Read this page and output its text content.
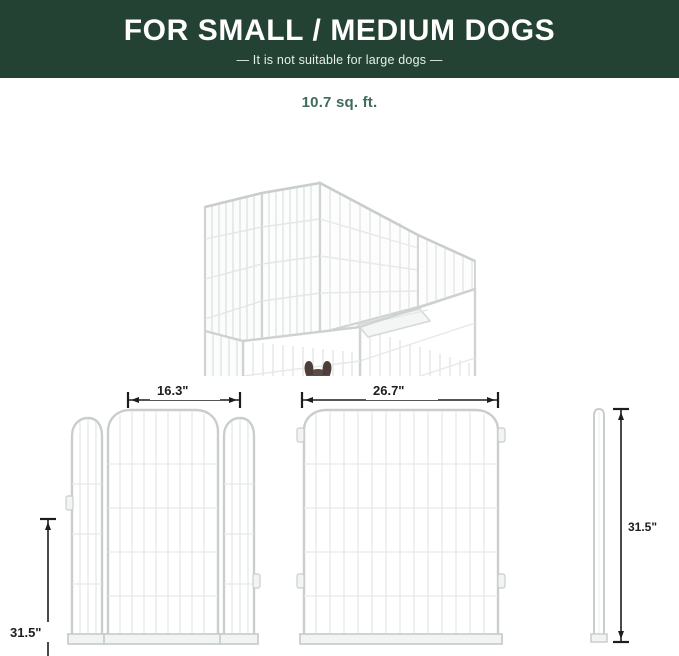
FOR SMALL / MEDIUM DOGS
— It is not suitable for large dogs —
10.7 sq. ft.
31.5"
16.3"	26.7"
31.5"
